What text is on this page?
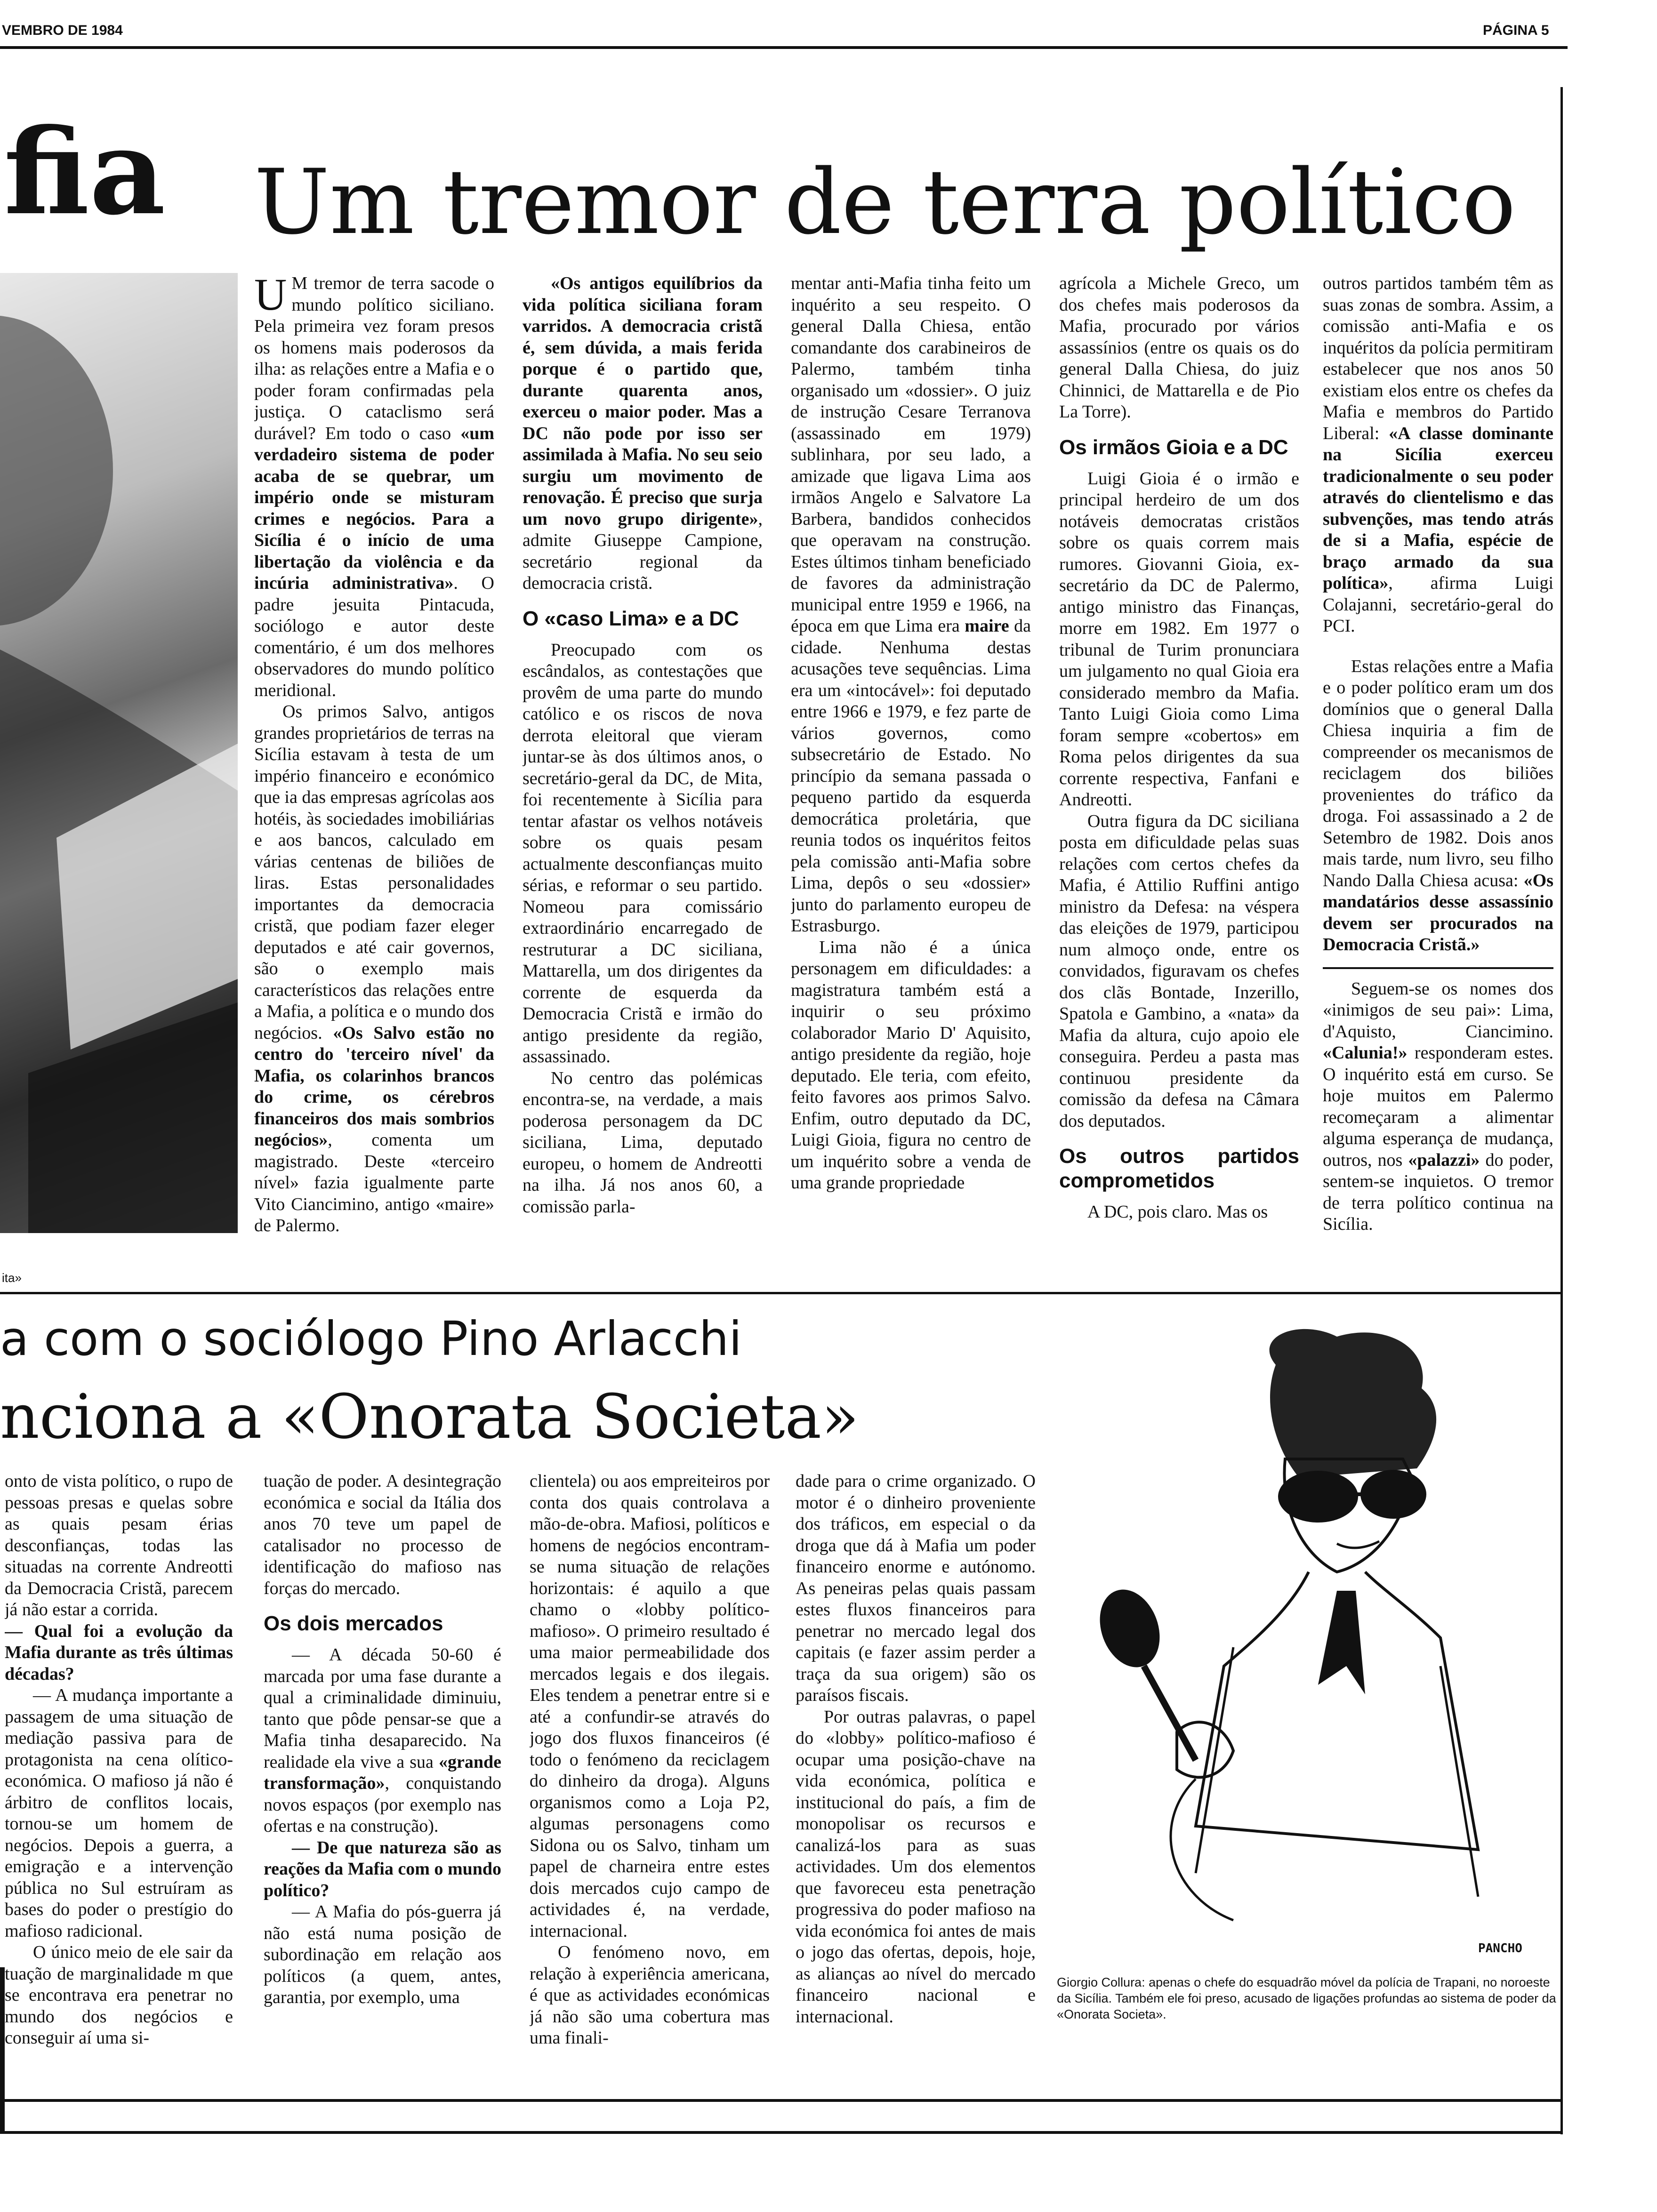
VEMBRO DE 1984	PÁGINA 5
fia Um tremor de terra político
ita»

U M tremor de terra sacode o mundo político siciliano. Pela primeira vez foram presos os homens mais poderosos da ilha: as relações entre a Mafia e o poder foram confirmadas pela justiça. O cataclismo será durável? Em todo o caso «um verdadeiro sistema de poder acaba de se quebrar, um império onde se misturam crimes e negócios. Para a Sicília é o início de uma libertação da violência e da incúria administrativa». O padre jesuita Pintacuda, sociólogo e autor deste comentário, é um dos melhores observadores do mundo político meridional.

Os primos Salvo, antigos grandes proprietários de terras na Sicília estavam à testa de um império financeiro e económico que ia das empresas agrícolas aos hotéis, às sociedades imobiliárias e aos bancos, calculado em várias centenas de biliões de liras. Estas personalidades importantes da democracia cristã, que podiam fazer eleger deputados e até cair governos, são o exemplo mais característicos das relações entre a Mafia, a política e o mundo dos negócios. «Os Salvo estão no centro do 'terceiro nível' da Mafia, os colarinhos brancos do crime, os cérebros financeiros dos mais sombrios negócios», comenta um magistrado. Deste «terceiro nível» fazia igualmente parte Vito Ciancimino, antigo «maire» de Palermo.

«Os antigos equilíbrios da vida política siciliana foram varridos. A democracia cristã é, sem dúvida, a mais ferida porque é o partido que, durante quarenta anos, exerceu o maior poder. Mas a DC não pode por isso ser assimilada à Mafia. No seu seio surgiu um movimento de renovação. É preciso que surja um novo grupo dirigente», admite Giuseppe Campione, secretário regional da democracia cristã.

O «caso Lima» e a DC

Preocupado com os escândalos, as contestações que provêm de uma parte do mundo católico e os riscos de nova derrota eleitoral que vieram juntar-se às dos últimos anos, o secretário-geral da DC, de Mita, foi recentemente à Sicília para tentar afastar os velhos notáveis sobre os quais pesam actualmente desconfianças muito sérias, e reformar o seu partido. Nomeou para comissário extraordinário encarregado de restruturar a DC siciliana, Mattarella, um dos dirigentes da corrente de esquerda da Democracia Cristã e irmão do antigo presidente da região, assassinado.

No centro das polémicas encontra-se, na verdade, a mais poderosa personagem da DC siciliana, Lima, deputado europeu, o homem de Andreotti na ilha. Já nos anos 60, a comissão parla-

mentar anti-Mafia tinha feito um inquérito a seu respeito. O general Dalla Chiesa, então comandante dos carabineiros de Palermo, também tinha organisado um «dossier». O juiz de instrução Cesare Terranova (assassinado em 1979) sublinhara, por seu lado, a amizade que ligava Lima aos irmãos Angelo e Salvatore La Barbera, bandidos conhecidos que operavam na construção. Estes últimos tinham beneficiado de favores da administração municipal entre 1959 e 1966, na época em que Lima era maire da cidade. Nenhuma destas acusações teve sequências. Lima era um «intocável»: foi deputado entre 1966 e 1979, e fez parte de vários governos, como subsecretário de Estado. No princípio da semana passada o pequeno partido da esquerda democrática proletária, que reunia todos os inquéritos feitos pela comissão anti-Mafia sobre Lima, depôs o seu «dossier» junto do parlamento europeu de Estrasburgo.

Lima não é a única personagem em dificuldades: a magistratura também está a inquirir o seu próximo colaborador Mario D' Aquisito, antigo presidente da região, hoje deputado. Ele teria, com efeito, feito favores aos primos Salvo. Enfim, outro deputado da DC, Luigi Gioia, figura no centro de um inquérito sobre a venda de uma grande propriedade

agrícola a Michele Greco, um dos chefes mais poderosos da Mafia, procurado por vários assassínios (entre os quais os do general Dalla Chiesa, do juiz Chinnici, de Mattarella e de Pio La Torre).

Os irmãos Gioia e a DC

Luigi Gioia é o irmão e principal herdeiro de um dos notáveis democratas cristãos sobre os quais correm mais rumores. Giovanni Gioia, ex-secretário da DC de Palermo, antigo ministro das Finanças, morre em 1982. Em 1977 o tribunal de Turim pronunciara um julgamento no qual Gioia era considerado membro da Mafia. Tanto Luigi Gioia como Lima foram sempre «cobertos» em Roma pelos dirigentes da sua corrente respectiva, Fanfani e Andreotti.

Outra figura da DC siciliana posta em dificuldade pelas suas relações com certos chefes da Mafia, é Attilio Ruffini antigo ministro da Defesa: na véspera das eleições de 1979, participou num almoço onde, entre os convidados, figuravam os chefes dos clãs Bontade, Inzerillo, Spatola e Gambino, a «nata» da Mafia da altura, cujo apoio ele conseguira. Perdeu a pasta mas continuou presidente da comissão da defesa na Câmara dos deputados.

Os outros partidos comprometidos

A DC, pois claro. Mas os

outros partidos também têm as suas zonas de sombra. Assim, a comissão anti-Mafia e os inquéritos da polícia permitiram estabelecer que nos anos 50 existiam elos entre os chefes da Mafia e membros do Partido Liberal: «A classe dominante na Sicília exerceu tradicionalmente o seu poder através do clientelismo e das subvenções, mas tendo atrás de si a Mafia, espécie de braço armado da sua política», afirma Luigi Colajanni, secretário-geral do PCI.

Estas relações entre a Mafia e o poder político eram um dos domínios que o general Dalla Chiesa inquiria a fim de compreender os mecanismos de reciclagem dos biliões provenientes do tráfico da droga. Foi assassinado a 2 de Setembro de 1982. Dois anos mais tarde, num livro, seu filho Nando Dalla Chiesa acusa: «Os mandatários desse assassínio devem ser procurados na Democracia Cristã.»

Seguem-se os nomes dos «inimigos de seu pai»: Lima, d'Aquisto, Ciancimino. «Calunia!» responderam estes. O inquérito está em curso. Se hoje muitos em Palermo recomeçaram a alimentar alguma esperança de mudança, outros, nos «palazzi» do poder, sentem-se inquietos. O tremor de terra político continua na Sicília.

a com o sociólogo Pino Arlacchi
nciona a «Onorata Societa»

onto de vista político, o rupo de pessoas presas e quelas sobre as quais pesam érias desconfianças, todas las situadas na corrente Andreotti da Democracia Cristã, parecem já não estar a corrida.

— Qual foi a evolução da Mafia durante as três últimas décadas?

— A mudança importante a passagem de uma situação de mediação passiva para de protagonista na cena olítico-económica. O mafioso já não é árbitro de conflitos locais, tornou-se um homem de negócios. Depois a guerra, a emigração e a intervenção pública no Sul estruíram as bases do poder o prestígio do mafioso radicional.

O único meio de ele sair da tuação de marginalidade m que se encontrava era penetrar no mundo dos negócios e conseguir aí uma si-

tuação de poder. A desintegração económica e social da Itália dos anos 70 teve um papel de catalisador no processo de identificação do mafioso nas forças do mercado.

Os dois mercados

— A década 50-60 é marcada por uma fase durante a qual a criminalidade diminuiu, tanto que pôde pensar-se que a Mafia tinha desaparecido. Na realidade ela vive a sua «grande transformação», conquistando novos espaços (por exemplo nas ofertas e na construção).

— De que natureza são as reações da Mafia com o mundo político?

— A Mafia do pós-guerra já não está numa posição de subordinação em relação aos políticos (a quem, antes, garantia, por exemplo, uma

clientela) ou aos empreiteiros por conta dos quais controlava a mão-de-obra. Mafiosi, políticos e homens de negócios encontram-se numa situação de relações horizontais: é aquilo a que chamo o «lobby político-mafioso». O primeiro resultado é uma maior permeabilidade dos mercados legais e dos ilegais. Eles tendem a penetrar entre si e até a confundir-se através do jogo dos fluxos financeiros (é todo o fenómeno da reciclagem do dinheiro da droga). Alguns organismos como a Loja P2, algumas personagens como Sidona ou os Salvo, tinham um papel de charneira entre estes dois mercados cujo campo de actividades é, na verdade, internacional.

O fenómeno novo, em relação à experiência americana, é que as actividades económicas já não são uma cobertura mas uma finali-

dade para o crime organizado. O motor é o dinheiro proveniente dos tráficos, em especial o da droga que dá à Mafia um poder financeiro enorme e autónomo. As peneiras pelas quais passam estes fluxos financeiros para penetrar no mercado legal dos capitais (e fazer assim perder a traça da sua origem) são os paraísos fiscais.

Por outras palavras, o papel do «lobby» político-mafioso é ocupar uma posição-chave na vida económica, política e institucional do país, a fim de monopolisar os recursos e canalizá-los para as suas actividades. Um dos elementos que favoreceu esta penetração progressiva do poder mafioso na vida económica foi antes de mais o jogo das ofertas, depois, hoje, as alianças ao nível do mercado financeiro nacional e internacional.

PANCHO
Giorgio Collura: apenas o chefe do esquadrão móvel da polícia de Trapani, no noroeste da Sicília. Também ele foi preso, acusado de ligações profundas ao sistema de poder da «Onorata Societa».
